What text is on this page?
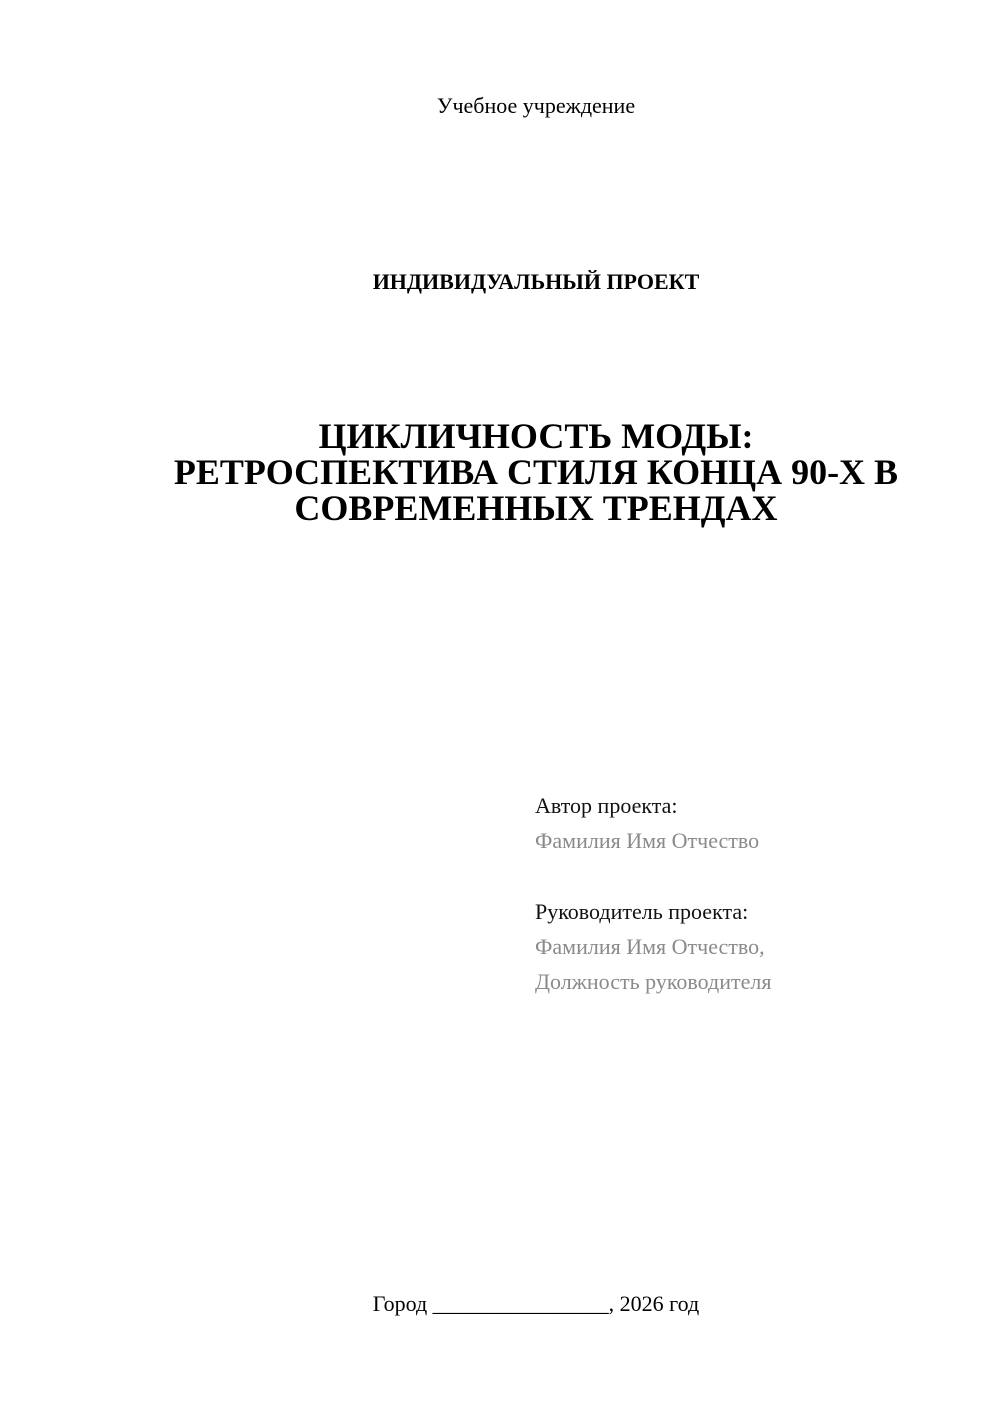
Учебное учреждение
ИНДИВИДУАЛЬНЫЙ ПРОЕКТ
ЦИКЛИЧНОСТЬ МОДЫ:
РЕТРОСПЕКТИВА СТИЛЯ КОНЦА 90-Х В
СОВРЕМЕННЫХ ТРЕНДАХ
Автор проекта:
Фамилия Имя Отчество
Руководитель проекта:
Фамилия Имя Отчество,
Должность руководителя
Город ________________, 2026 год
